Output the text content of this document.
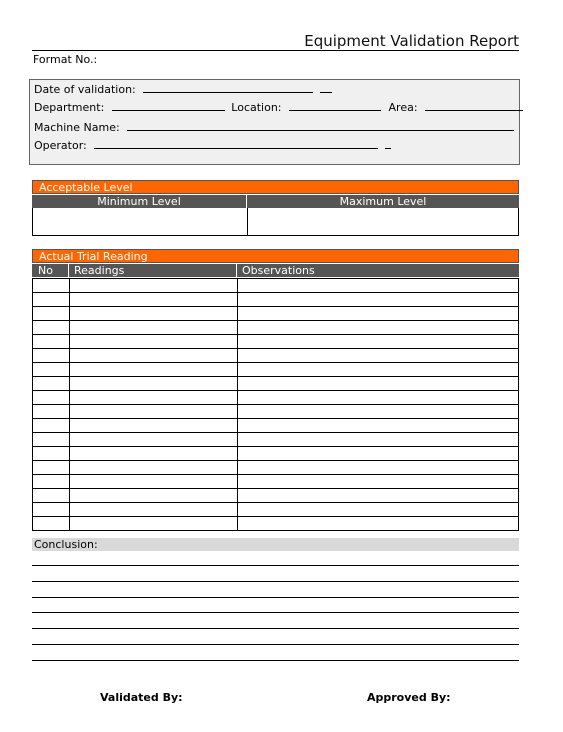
Equipment Validation Report
Format No.:
Date of validation:
Department:	Location:	Area:
Machine Name:
Operator:
Acceptable Level
Minimum Level	Maximum Level
Actual Trial Reading
No	Readings	Observations

Conclusion:
Validated By:	Approved By:
